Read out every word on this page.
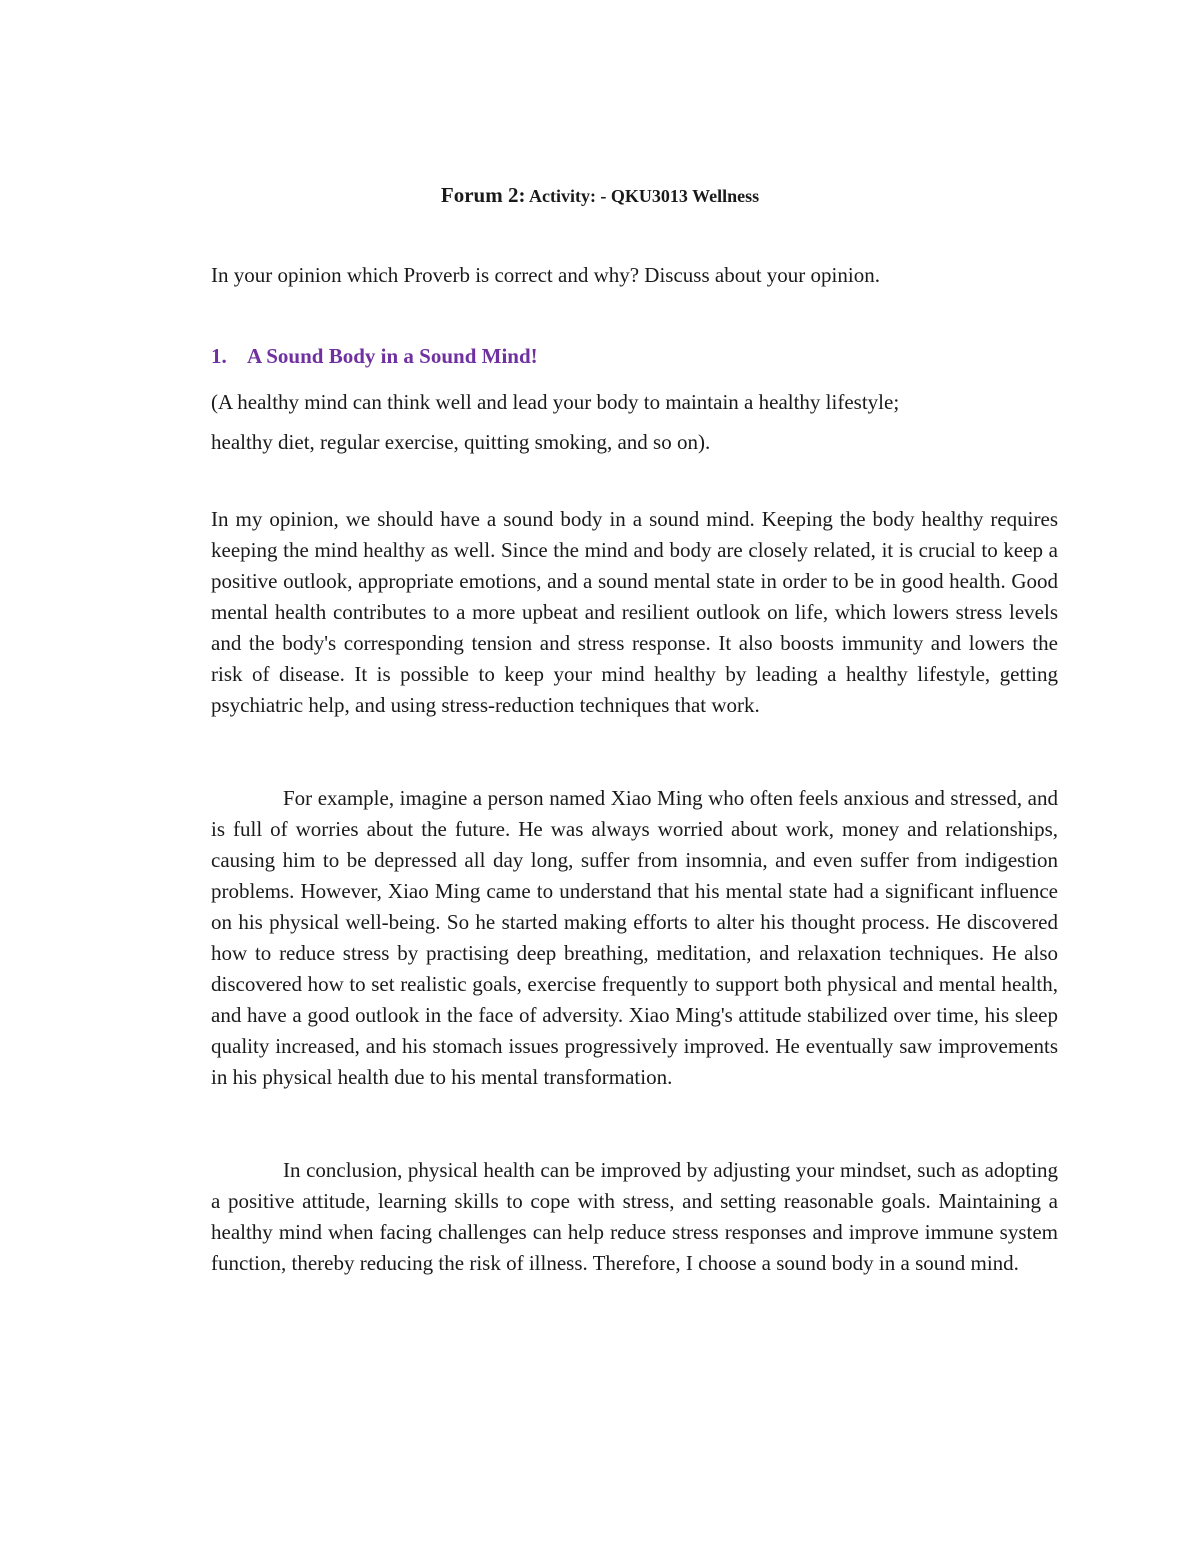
Forum 2: Activity: - QKU3013 Wellness
In your opinion which Proverb is correct and why? Discuss about your opinion.
1. A Sound Body in a Sound Mind!
(A healthy mind can think well and lead your body to maintain a healthy lifestyle;
healthy diet, regular exercise, quitting smoking, and so on).

In my opinion, we should have a sound body in a sound mind. Keeping the body healthy requires keeping the mind healthy as well. Since the mind and body are closely related, it is crucial to keep a positive outlook, appropriate emotions, and a sound mental state in order to be in good health. Good mental health contributes to a more upbeat and resilient outlook on life, which lowers stress levels and the body's corresponding tension and stress response. It also boosts immunity and lowers the risk of disease. It is possible to keep your mind healthy by leading a healthy lifestyle, getting psychiatric help, and using stress-reduction techniques that work.

For example, imagine a person named Xiao Ming who often feels anxious and stressed, and is full of worries about the future. He was always worried about work, money and relationships, causing him to be depressed all day long, suffer from insomnia, and even suffer from indigestion problems. However, Xiao Ming came to understand that his mental state had a significant influence on his physical well-being. So he started making efforts to alter his thought process. He discovered how to reduce stress by practising deep breathing, meditation, and relaxation techniques. He also discovered how to set realistic goals, exercise frequently to support both physical and mental health, and have a good outlook in the face of adversity. Xiao Ming's attitude stabilized over time, his sleep quality increased, and his stomach issues progressively improved. He eventually saw improvements in his physical health due to his mental transformation.

In conclusion, physical health can be improved by adjusting your mindset, such as adopting a positive attitude, learning skills to cope with stress, and setting reasonable goals. Maintaining a healthy mind when facing challenges can help reduce stress responses and improve immune system function, thereby reducing the risk of illness. Therefore, I choose a sound body in a sound mind.
